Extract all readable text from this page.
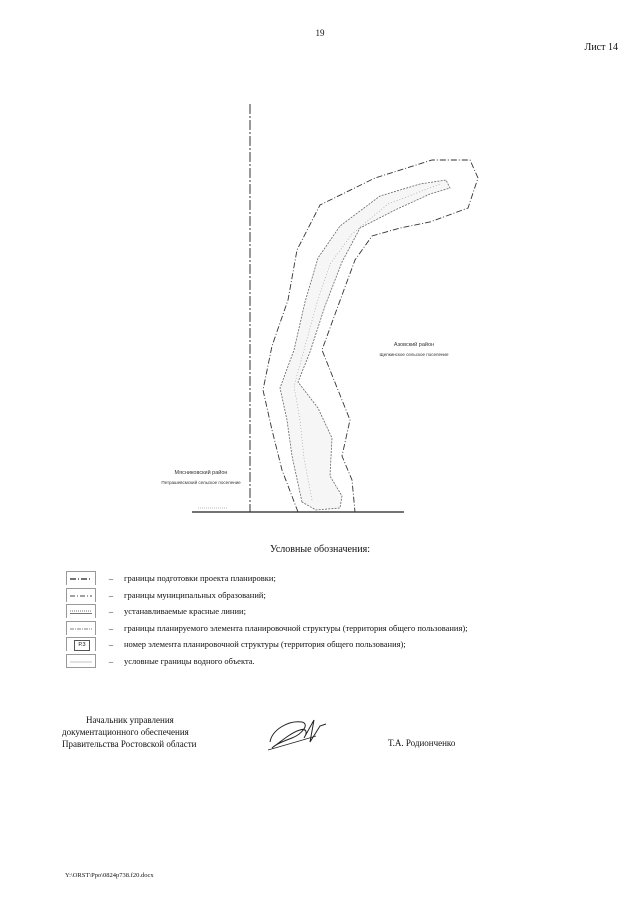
19
Лист 14
Мясниковский район
Петрашевсмский сельское поселение
Азовский район
Щепкинское сельское поселение
Условные обозначения:
–	границы подготовки проекта планировки;
–	границы муниципальных образований;
–	устанавливаемые красные линии;
–	границы планируемого элемента планировочной структуры (территория общего пользования);
Р.3	–	номер элемента планировочной структуры (территория общего пользования);
–	условные границы водного объекта.
Начальник управления
документационного обеспечения
Правительства Ростовской области	Т.А. Родионченко
Y:\ORST\Ppo\0824p738.f20.docx
